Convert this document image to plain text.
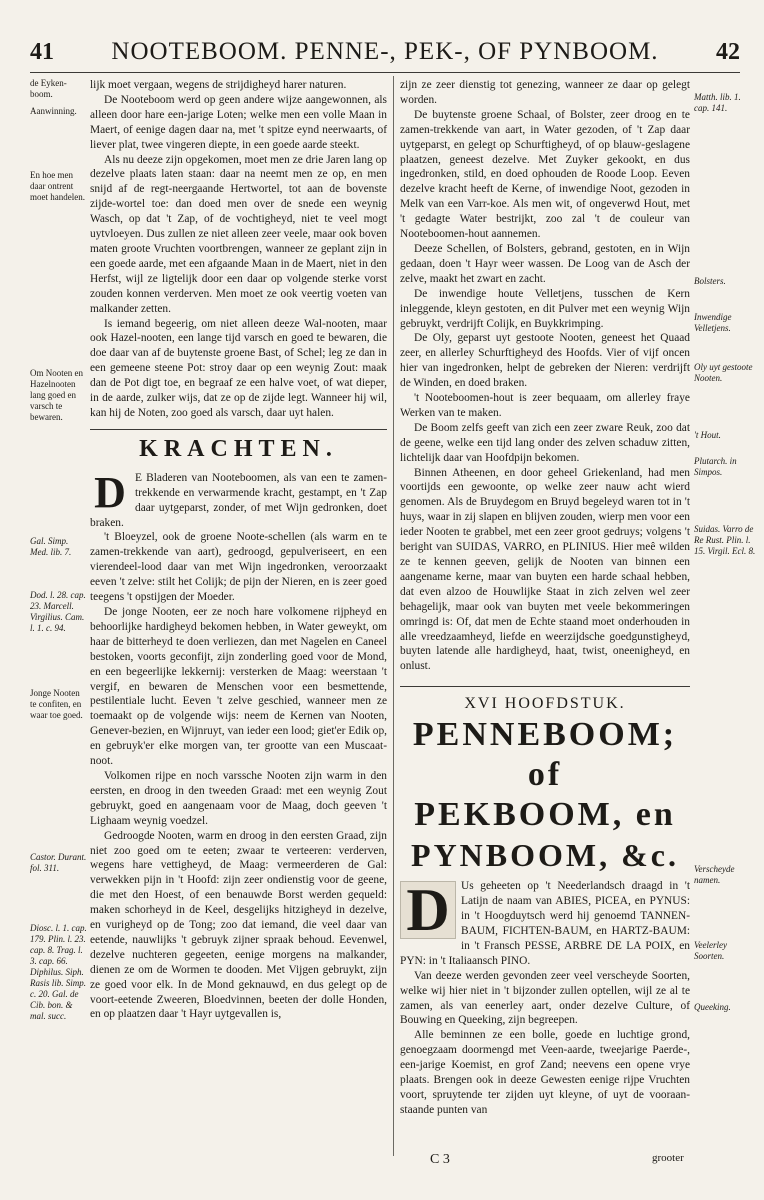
41 NOOTEBOOM. PENNE-, PEK-, OF PYNBOOM. 42
de Eyken-boom.
Aanwinning.
En hoe men daar ontrent moet handelen.
Om Nooten en Hazelnooten lang goed en varsch te bewaren.
Gal. Simp. Med. lib. 7.
Dod. l. 28. cap. 23. Marcell. Virgilius. Cam. l. 1. c. 94.
Jonge Nooten te confiten, en waar toe goed.
Castor. Durant. fol. 311.
Diosc. l. 1. cap. 179. Plin. l. 23. cap. 8. Trag. l. 3. cap. 66. Diphilus. Siph. Rasis lib. Simp. c. 20. Gal. de Cib. bon. & mal. succ.

lijk moet vergaan, wegens de strijdigheyd harer naturen.

De Nooteboom werd op geen andere wijze aangewonnen, als alleen door hare een-jarige Loten; welke men een volle Maan in Maert, of eenige dagen daar na, met 't spitze eynd neerwaarts, of liever plat, twee vingeren diepte, in een goede aarde steekt.

Als nu deeze zijn opgekomen, moet men ze drie Jaren lang op dezelve plaats laten staan: daar na neemt men ze op, en men snijd af de regt-neergaande Hertwortel, tot aan de bovenste zijde-wortel toe: dan doed men over de snede een weynig Wasch, op dat 't Zap, of de vochtigheyd, niet te veel mogt uytvloeyen. Dus zullen ze niet alleen zeer veele, maar ook boven maten groote Vruchten voortbrengen, wanneer ze geplant zijn in een goede aarde, met een afgaande Maan in de Maert, niet in den Herfst, wijl ze ligtelijk door een daar op volgende sterke vorst zouden konnen verderven. Men moet ze ook veertig voeten van malkander zetten.

Is iemand begeerig, om niet alleen deeze Wal-nooten, maar ook Hazel-nooten, een lange tijd varsch en goed te bewaren, die doe daar van af de buytenste groene Bast, of Schel; leg ze dan in een gemeene steene Pot: stroy daar op een weynig Zout: maak dan de Pot digt toe, en begraaf ze een halve voet, of wat dieper, in de aarde, zulker wijs, dat ze op de zijde legt. Wanneer hij wil, kan hij de Noten, zoo goed als varsch, daar uyt halen.

KRACHTEN.

D E Bladeren van Nooteboomen, als van een te zamen-trekkende en verwarmende kracht, gestampt, en 't Zap daar uytgeparst, zonder, of met Wijn gedronken, doet braken.

't Bloeyzel, ook de groene Noote-schellen (als warm en te zamen-trekkende van aart), gedroogd, gepulveriseert, en een vierendeel-lood daar van met Wijn ingedronken, veroorzaakt eeven 't zelve: stilt het Colijk; de pijn der Nieren, en is zeer goed teegens 't opstijgen der Moeder.

De jonge Nooten, eer ze noch hare volkomene rijpheyd en behoorlijke hardigheyd bekomen hebben, in Water geweykt, om haar de bitterheyd te doen verliezen, dan met Nagelen en Caneel bestoken, voorts geconfijt, zijn zonderling goed voor de Mond, en een begeerlijke lekkernij: versterken de Maag: weerstaan 't vergif, en bewaren de Menschen voor een besmettende, pestilentiale lucht. Eeven 't zelve geschied, wanneer men ze toemaakt op de volgende wijs: neem de Kernen van Nooten, Genever-bezien, en Wijnruyt, van ieder een lood; giet'er Edik op, en gebruyk'er elke morgen van, ter grootte van een Muscaat-noot.

Volkomen rijpe en noch varssche Nooten zijn warm in den eersten, en droog in den tweeden Graad: met een weynig Zout gebruykt, goed en aangenaam voor de Maag, doch geeven 't Lighaam weynig voedzel.

Gedroogde Nooten, warm en droog in den eersten Graad, zijn niet zoo goed om te eeten; zwaar te verteeren: verderven, wegens hare vettigheyd, de Maag: vermeerderen de Gal: verwekken pijn in 't Hoofd: zijn zeer ondienstig voor de geene, die met den Hoest, of een benauwde Borst werden gequeld: maken schorheyd in de Keel, desgelijks hitzigheyd in dezelve, en vurigheyd op de Tong; zoo dat iemand, die veel daar van eetende, nauwlijks 't gebruyk zijner spraak behoud. Eevenwel, dezelve nuchteren gegeeten, eenige morgens na malkander, dienen ze om de Wormen te dooden. Met Vijgen gebruykt, zijn ze goed voor elk. In de Mond geknauwd, en dus gelegt op de voort-eetende Zweeren, Bloedvinnen, beeten der dolle Honden, en op plaatzen daar 't Hayr uytgevallen is,

zijn ze zeer dienstig tot genezing, wanneer ze daar op gelegt worden.

De buytenste groene Schaal, of Bolster, zeer droog en te zamen-trekkende van aart, in Water gezoden, of 't Zap daar uytgeparst, en gelegt op Schurftigheyd, of op blauw-geslagene plaatzen, geneest dezelve. Met Zuyker gekookt, en dus ingedronken, stild, en doed ophouden de Roode Loop. Eeven dezelve kracht heeft de Kerne, of inwendige Noot, gezoden in Melk van een Varr-koe. Als men wit, of ongeverwd Hout, met 't gedagte Water bestrijkt, zoo zal 't de couleur van Nooteboomen-hout aannemen.

Deeze Schellen, of Bolsters, gebrand, gestoten, en in Wijn gedaan, doen 't Hayr weer wassen. De Loog van de Asch der zelve, maakt het zwart en zacht.

De inwendige houte Velletjens, tusschen de Kern inleggende, kleyn gestoten, en dit Pulver met een weynig Wijn gebruykt, verdrijft Colijk, en Buykkrimping.

De Oly, geparst uyt gestoote Nooten, geneest het Quaad zeer, en allerley Schurftigheyd des Hoofds. Vier of vijf oncen hier van ingedronken, helpt de gebreken der Nieren: verdrijft de Winden, en doed braken.

't Nooteboomen-hout is zeer bequaam, om allerley fraye Werken van te maken.

De Boom zelfs geeft van zich een zeer zware Reuk, zoo dat de geene, welke een tijd lang onder des zelven schaduw zitten, lichtelijk daar van Hoofdpijn bekomen.

Binnen Atheenen, en door geheel Griekenland, had men voortijds een gewoonte, op welke zeer nauw acht wierd genomen. Als de Bruydegom en Bruyd begeleyd waren tot in 't huys, waar in zij slapen en blijven zouden, wierp men voor een ieder Nooten te grabbel, met een zeer groot gedruys; volgens 't beright van SUIDAS, VARRO, en PLINIUS. Hier meê wilden ze te kennen geeven, gelijk de Nooten van binnen een aangename kerne, maar van buyten een harde schaal hebben, dat even alzoo de Houwlijke Staat in zich zelven wel zeer behagelijk, maar ook van buyten met veele bekommeringen omringd is: Of, dat men de Echte staand moet onderhouden in alle vreedzaamheyd, liefde en weerzijdsche goedgunstigheyd, buyten latende alle hardigheyd, haat, twist, oneenigheyd, en onlust.

XVI HOOFDSTUK.
PENNEBOOM; of
PEKBOOM, en
PYNBOOM, &c.

D Us geheeten op 't Neederlandsch draagd in 't Latijn de naam van ABIES, PICEA, en PYNUS: in 't Hoogduytsch werd hij genoemd TANNEN-BAUM, FICHTEN-BAUM, en HARTZ-BAUM: in 't Fransch PESSE, ARBRE DE LA POIX, en PYN: in 't Italiaansch PINO.

Van deeze werden gevonden zeer veel verscheyde Soorten, welke wij hier niet in 't bijzonder zullen optellen, wijl ze al te zamen, als van eenerley aart, onder dezelve Culture, of Bouwing en Queeking, zijn begreepen.

Alle beminnen ze een bolle, goede en luchtige grond, genoegzaam doormengd met Veen-aarde, tweejarige Paerde-, een-jarige Koemist, en grof Zand; neevens een opene vrye plaats. Brengen ook in deeze Gewesten eenige rijpe Vruchten voort, spruytende ter zijden uyt kleyne, of uyt de vooraan-staande punten van

Matth. lib. 1. cap. 141.
Bolsters.
Inwendige Velletjens.
Oly uyt gestoote Nooten.
't Hout.
Plutarch. in Simpos.
Suidas. Varro de Re Rust. Plin. l. 15. Virgil. Ecl. 8.
Verscheyde namen.
Veelerley Soorten.
Queeking.
C 3	grooter
